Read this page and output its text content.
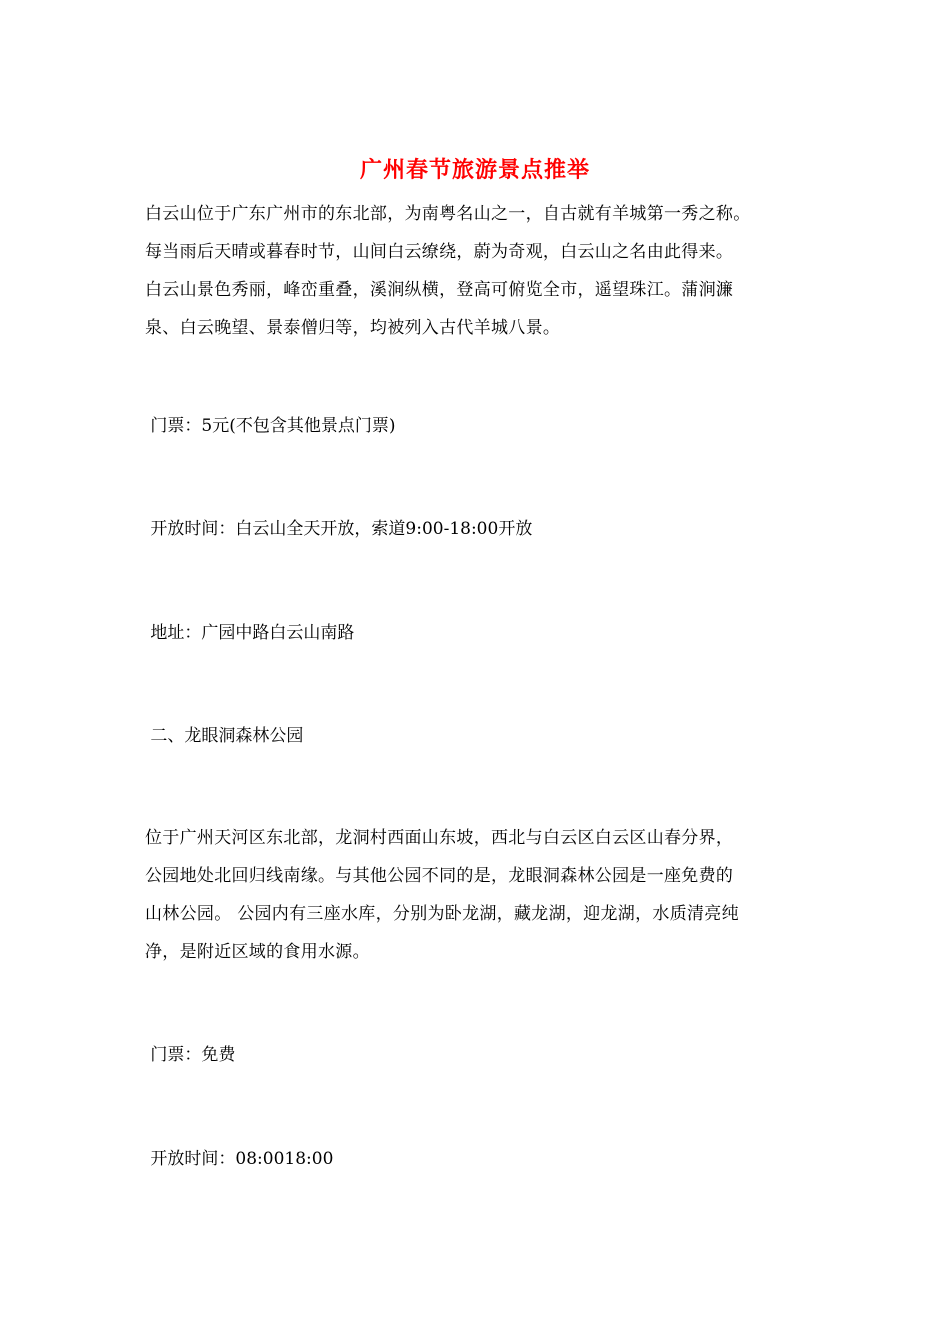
广州春节旅游景点推举
白云山位于广东广州市的东北部，为南粤名山之一，自古就有羊城第一秀之称。
每当雨后天晴或暮春时节，山间白云缭绕，蔚为奇观，白云山之名由此得来。
白云山景色秀丽，峰峦重叠，溪涧纵横，登高可俯览全市，遥望珠江。蒲涧濂
泉、白云晚望、景泰僧归等，均被列入古代羊城八景。
门票：5元(不包含其他景点门票)
开放时间：白云山全天开放，索道9:00-18:00开放
地址：广园中路白云山南路
二、龙眼洞森林公园
位于广州天河区东北部，龙洞村西面山东坡，西北与白云区白云区山春分界，
公园地处北回归线南缘。与其他公园不同的是，龙眼洞森林公园是一座免费的
山林公园。 公园内有三座水库，分别为卧龙湖，藏龙湖，迎龙湖，水质清亮纯
净，是附近区域的食用水源。
门票：免费
开放时间：08:0018:00
